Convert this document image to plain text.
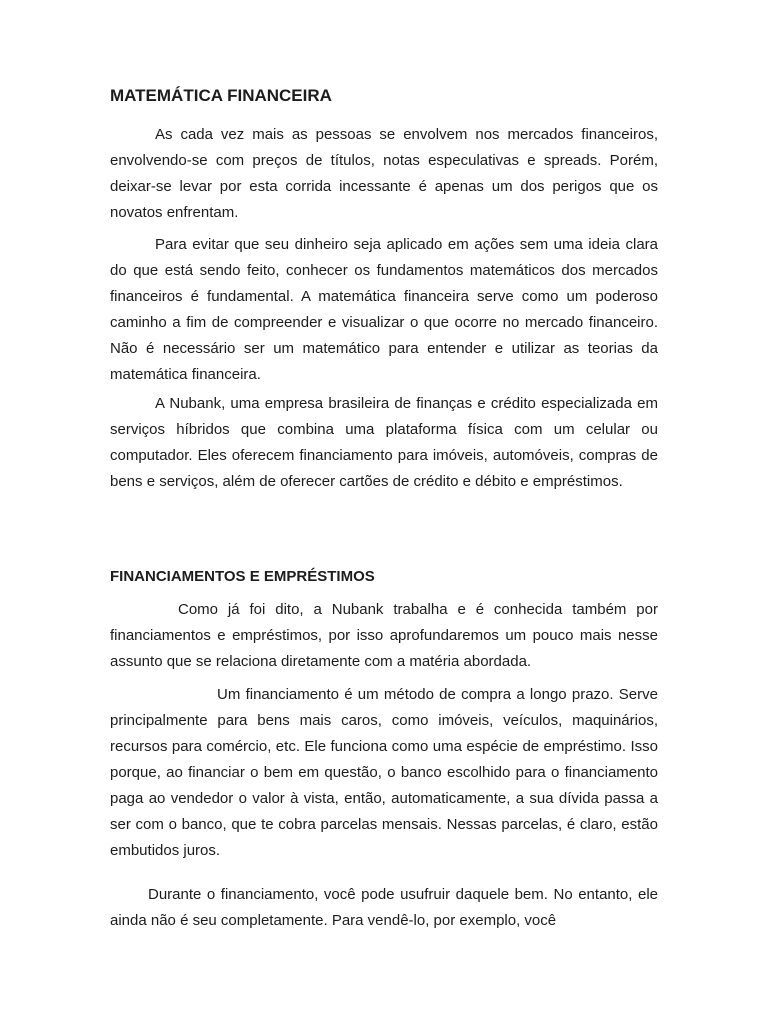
MATEMÁTICA FINANCEIRA

As cada vez mais as pessoas se envolvem nos mercados financeiros, envolvendo-se com preços de títulos, notas especulativas e spreads. Porém, deixar-se levar por esta corrida incessante é apenas um dos perigos que os novatos enfrentam.

Para evitar que seu dinheiro seja aplicado em ações sem uma ideia clara do que está sendo feito, conhecer os fundamentos matemáticos dos mercados financeiros é fundamental. A matemática financeira serve como um poderoso caminho a fim de compreender e visualizar o que ocorre no mercado financeiro. Não é necessário ser um matemático para entender e utilizar as teorias da matemática financeira.

A Nubank, uma empresa brasileira de finanças e crédito especializada em serviços híbridos que combina uma plataforma física com um celular ou computador. Eles oferecem financiamento para imóveis, automóveis, compras de bens e serviços, além de oferecer cartões de crédito e débito e empréstimos.

FINANCIAMENTOS E EMPRÉSTIMOS

Como já foi dito, a Nubank trabalha e é conhecida também por financiamentos e empréstimos, por isso aprofundaremos um pouco mais nesse assunto que se relaciona diretamente com a matéria abordada.

Um financiamento é um método de compra a longo prazo. Serve principalmente para bens mais caros, como imóveis, veículos, maquinários, recursos para comércio, etc. Ele funciona como uma espécie de empréstimo. Isso porque, ao financiar o bem em questão, o banco escolhido para o financiamento paga ao vendedor o valor à vista, então, automaticamente, a sua dívida passa a ser com o banco, que te cobra parcelas mensais. Nessas parcelas, é claro, estão embutidos juros.

Durante o financiamento, você pode usufruir daquele bem. No entanto, ele ainda não é seu completamente. Para vendê-lo, por exemplo, você
